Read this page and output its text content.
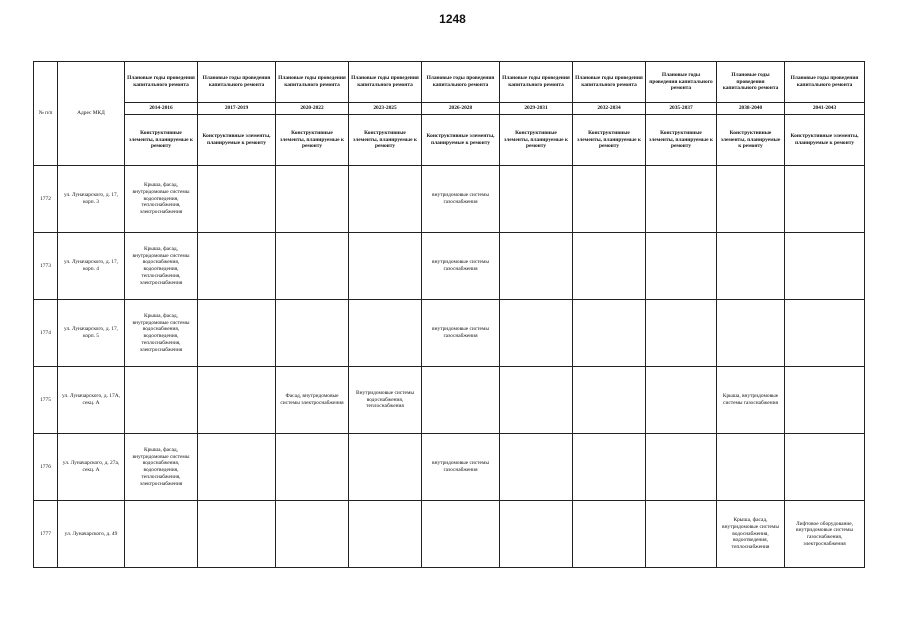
1248
№ п/п	Адрес МКД	Плановые годы проведения капитального ремонта	Плановые годы проведения капитального ремонта	Плановые годы проведения капитального ремонта	Плановые годы проведения капитального ремонта	Плановые годы проведения капитального ремонта	Плановые годы проведения капитального ремонта	Плановые годы проведения капитального ремонта	Плановые годы проведения капитального ремонта	Плановые годы проведения капитального ремонта	Плановые годы проведения капитального ремонта
		2014-2016	2017-2019	2020-2022	2023-2025	2026-2028	2029-2031	2032-2034	2035-2037	2038-2040	2041-2043
		Конструктивные элементы, планируемые к ремонту	Конструктивные элементы, планируемые к ремонту	Конструктивные элементы, планируемые к ремонту	Конструктивные элементы, планируемые к ремонту	Конструктивные элементы, планируемые к ремонту	Конструктивные элементы, планируемые к ремонту	Конструктивные элементы, планируемые к ремонту	Конструктивные элементы, планируемые к ремонту	Конструктивные элементы, планируемые к ремонту	Конструктивные элементы, планируемые к ремонту
1772	ул. Луначарского, д. 17, корп. 3	Крыша, фасад, внутридомовые системы водоотведения, теплоснабжения, электроснабжения				внутридомовые системы газоснабжения					
1773	ул. Луначарского, д. 17, корп. 4	Крыша, фасад, внутридомовые системы водоснабжения, водоотведения, теплоснабжения, электроснабжения				внутридомовые системы газоснабжения					
1774	ул. Луначарского, д. 17, корп. 5	Крыша, фасад, внутридомовые системы водоснабжения, водоотведения, теплоснабжения, электроснабжения				внутридомовые системы газоснабжения					
1775	ул. Луначарского, д. 17А, секц. А			Фасад, внутридомовые системы электроснабжения	Внутридомовые системы водоснабжения, теплоснабжения					Крыша, внутридомовые системы газоснабжения	
1776	ул. Луначарского, д. 27а, секц. А	Крыша, фасад, внутридомовые системы водоснабжения, водоотведения, теплоснабжения, электроснабжения				внутридомовые системы газоснабжения					
1777	ул. Луначарского, д. 49									Крыша, фасад, внутридомовые системы водоснабжения, водоотведения, теплоснабжения	Лифтовое оборудование, внутридомовые системы газоснабжения, электроснабжения
